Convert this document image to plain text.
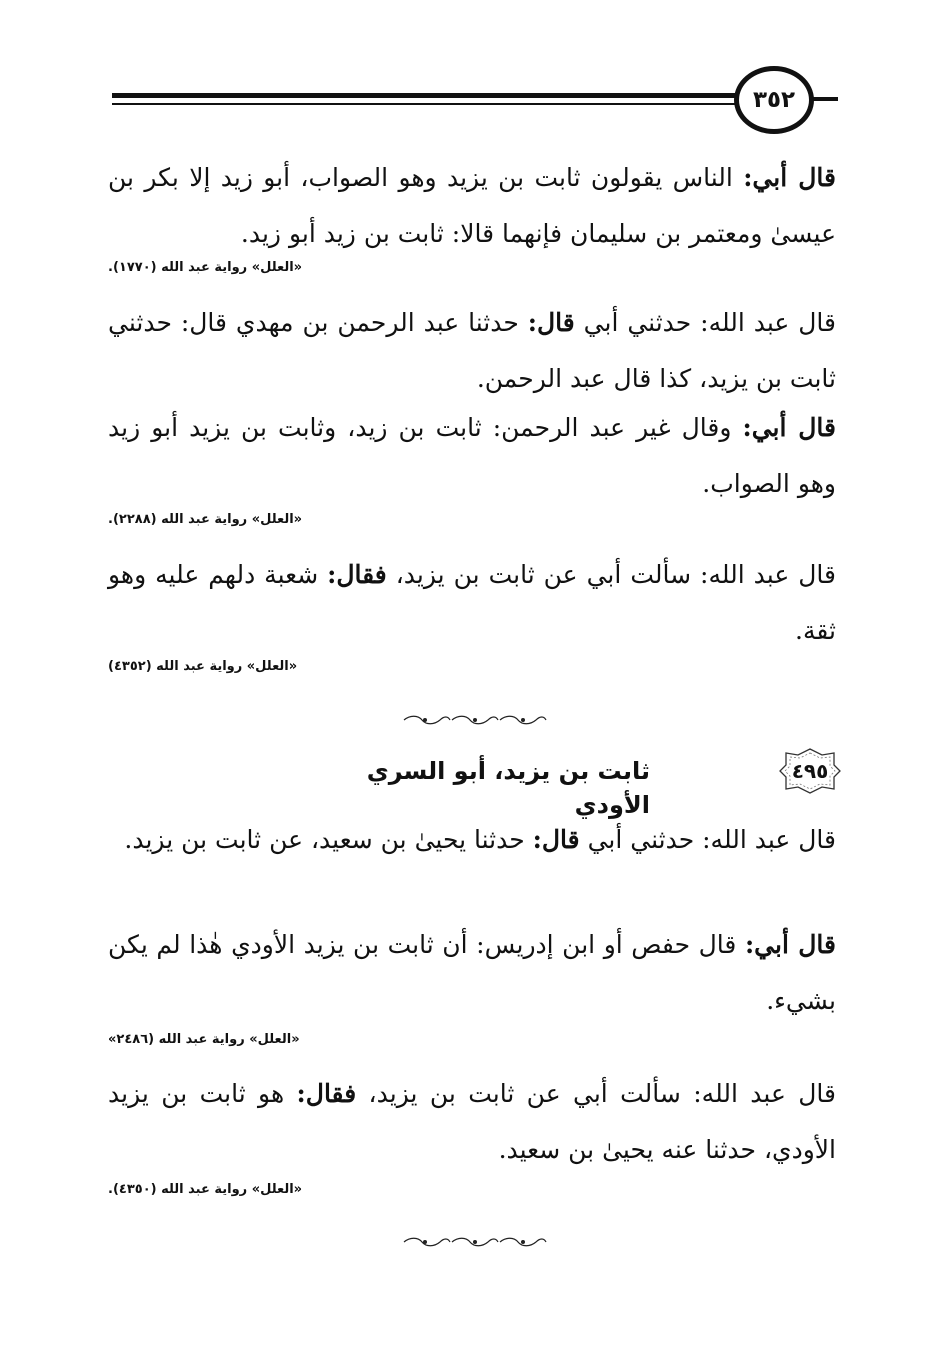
٣٥٢
قال أبي: الناس يقولون ثابت بن يزيد وهو الصواب، أبو زيد إلا بكر بن عيسىٰ ومعتمر بن سليمان فإنهما قالا: ثابت بن زيد أبو زيد.
«العلل» رواية عبد الله (١٧٧٠).
قال عبد الله: حدثني أبي قال: حدثنا عبد الرحمن بن مهدي قال: حدثني ثابت بن يزيد، كذا قال عبد الرحمن.
قال أبي: وقال غير عبد الرحمن: ثابت بن زيد، وثابت بن يزيد أبو زيد وهو الصواب.
«العلل» رواية عبد الله (٢٢٨٨).
قال عبد الله: سألت أبي عن ثابت بن يزيد، فقال: شعبة دلهم عليه وهو ثقة.
«العلل» رواية عبد الله (٤٣٥٢)
٤٩٥
ثابت بن يزيد، أبو السري الأودي
قال عبد الله: حدثني أبي قال: حدثنا يحيىٰ بن سعيد، عن ثابت بن يزيد.
قال أبي: قال حفص أو ابن إدريس: أن ثابت بن يزيد الأودي هٰذا لم يكن بشيء.
«العلل» رواية عبد الله (٢٤٨٦»
قال عبد الله: سألت أبي عن ثابت بن يزيد، فقال: هو ثابت بن يزيد الأودي، حدثنا عنه يحيىٰ بن سعيد.
«العلل» رواية عبد الله (٤٣٥٠).
